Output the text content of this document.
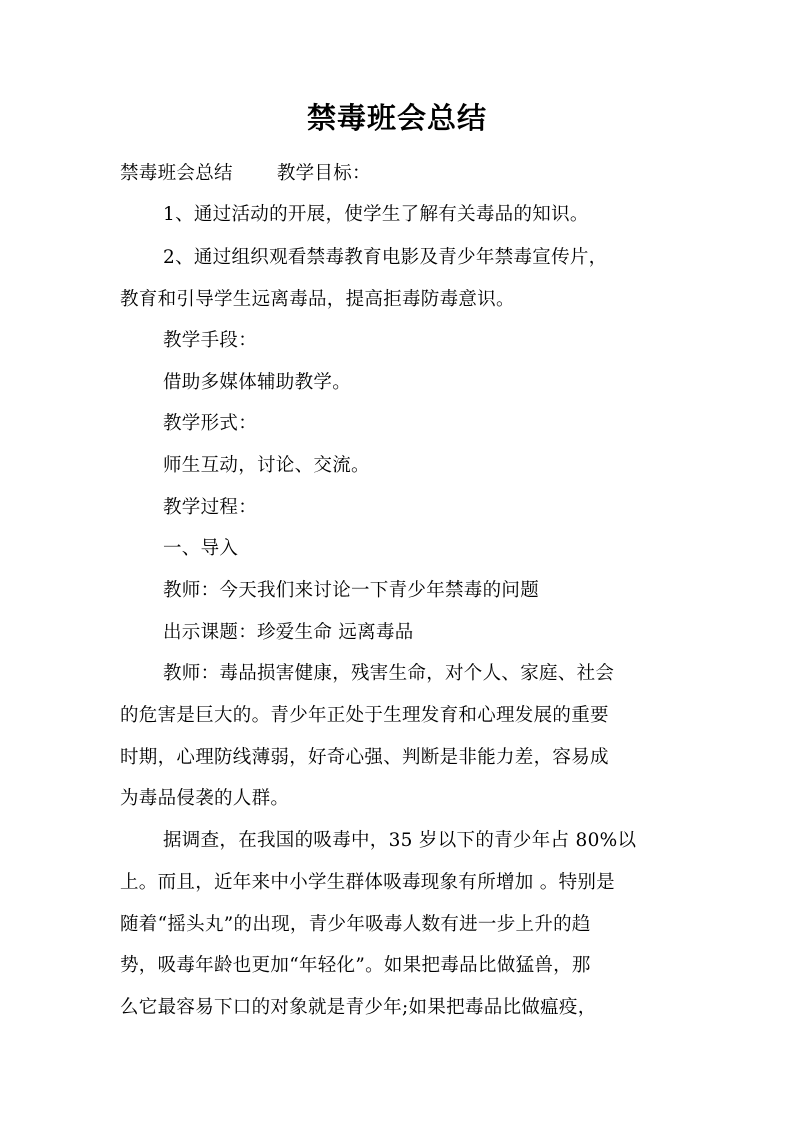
禁毒班会总结
禁毒班会总结 教学目标：
1、通过活动的开展，使学生了解有关毒品的知识。
2、通过组织观看禁毒教育电影及青少年禁毒宣传片，
教育和引导学生远离毒品，提高拒毒防毒意识。
教学手段：
借助多媒体辅助教学。
教学形式：
师生互动，讨论、交流。
教学过程：
一、导入
教师：今天我们来讨论一下青少年禁毒的问题
出示课题：珍爱生命 远离毒品
教师：毒品损害健康，残害生命，对个人、家庭、社会
的危害是巨大的。青少年正处于生理发育和心理发展的重要
时期，心理防线薄弱，好奇心强、判断是非能力差，容易成
为毒品侵袭的人群。
据调查，在我国的吸毒中，35 岁以下的青少年占 80%以
上。而且，近年来中小学生群体吸毒现象有所增加 。特别是
随着“摇头丸”的出现，青少年吸毒人数有进一步上升的趋
势，吸毒年龄也更加“年轻化”。如果把毒品比做猛兽，那
么它最容易下口的对象就是青少年;如果把毒品比做瘟疫，
